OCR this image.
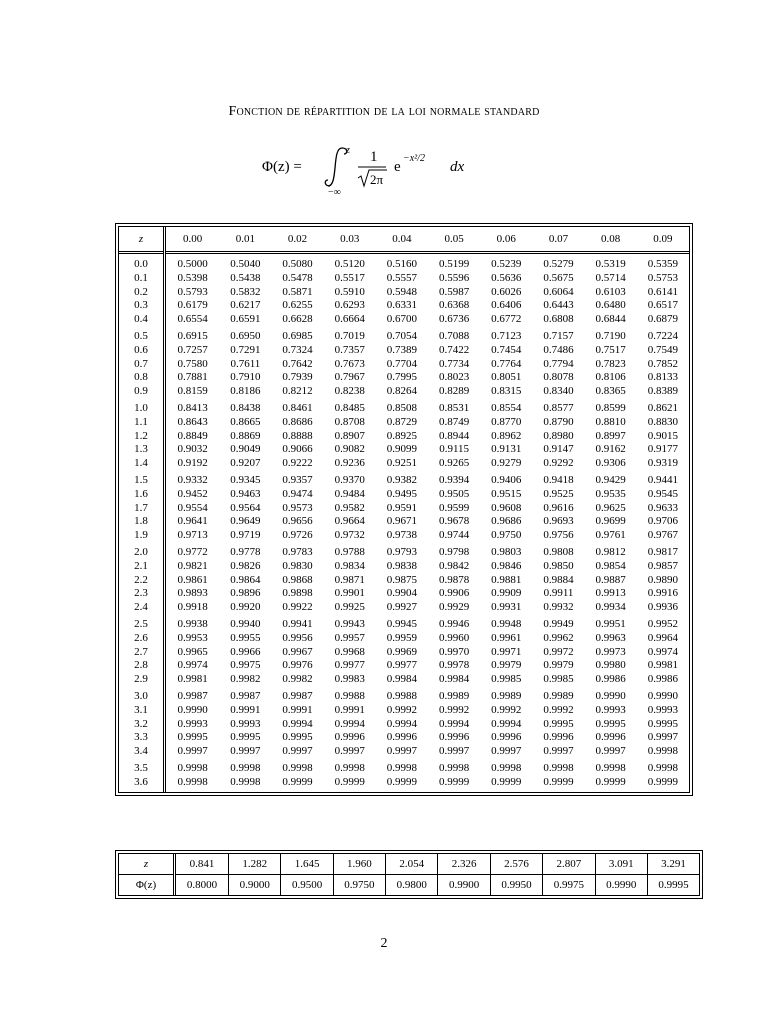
Fonction de répartition de la loi normale standard
Φ(z) =
z
−∞
1
2π
e
−x²/2
dx
z	0.00	0.01	0.02	0.03	0.04	0.05	0.06	0.07	0.08	0.09
0.0	0.5000	0.5040	0.5080	0.5120	0.5160	0.5199	0.5239	0.5279	0.5319	0.5359
0.1	0.5398	0.5438	0.5478	0.5517	0.5557	0.5596	0.5636	0.5675	0.5714	0.5753
0.2	0.5793	0.5832	0.5871	0.5910	0.5948	0.5987	0.6026	0.6064	0.6103	0.6141
0.3	0.6179	0.6217	0.6255	0.6293	0.6331	0.6368	0.6406	0.6443	0.6480	0.6517
0.4	0.6554	0.6591	0.6628	0.6664	0.6700	0.6736	0.6772	0.6808	0.6844	0.6879
0.5	0.6915	0.6950	0.6985	0.7019	0.7054	0.7088	0.7123	0.7157	0.7190	0.7224
0.6	0.7257	0.7291	0.7324	0.7357	0.7389	0.7422	0.7454	0.7486	0.7517	0.7549
0.7	0.7580	0.7611	0.7642	0.7673	0.7704	0.7734	0.7764	0.7794	0.7823	0.7852
0.8	0.7881	0.7910	0.7939	0.7967	0.7995	0.8023	0.8051	0.8078	0.8106	0.8133
0.9	0.8159	0.8186	0.8212	0.8238	0.8264	0.8289	0.8315	0.8340	0.8365	0.8389
1.0	0.8413	0.8438	0.8461	0.8485	0.8508	0.8531	0.8554	0.8577	0.8599	0.8621
1.1	0.8643	0.8665	0.8686	0.8708	0.8729	0.8749	0.8770	0.8790	0.8810	0.8830
1.2	0.8849	0.8869	0.8888	0.8907	0.8925	0.8944	0.8962	0.8980	0.8997	0.9015
1.3	0.9032	0.9049	0.9066	0.9082	0.9099	0.9115	0.9131	0.9147	0.9162	0.9177
1.4	0.9192	0.9207	0.9222	0.9236	0.9251	0.9265	0.9279	0.9292	0.9306	0.9319
1.5	0.9332	0.9345	0.9357	0.9370	0.9382	0.9394	0.9406	0.9418	0.9429	0.9441
1.6	0.9452	0.9463	0.9474	0.9484	0.9495	0.9505	0.9515	0.9525	0.9535	0.9545
1.7	0.9554	0.9564	0.9573	0.9582	0.9591	0.9599	0.9608	0.9616	0.9625	0.9633
1.8	0.9641	0.9649	0.9656	0.9664	0.9671	0.9678	0.9686	0.9693	0.9699	0.9706
1.9	0.9713	0.9719	0.9726	0.9732	0.9738	0.9744	0.9750	0.9756	0.9761	0.9767
2.0	0.9772	0.9778	0.9783	0.9788	0.9793	0.9798	0.9803	0.9808	0.9812	0.9817
2.1	0.9821	0.9826	0.9830	0.9834	0.9838	0.9842	0.9846	0.9850	0.9854	0.9857
2.2	0.9861	0.9864	0.9868	0.9871	0.9875	0.9878	0.9881	0.9884	0.9887	0.9890
2.3	0.9893	0.9896	0.9898	0.9901	0.9904	0.9906	0.9909	0.9911	0.9913	0.9916
2.4	0.9918	0.9920	0.9922	0.9925	0.9927	0.9929	0.9931	0.9932	0.9934	0.9936
2.5	0.9938	0.9940	0.9941	0.9943	0.9945	0.9946	0.9948	0.9949	0.9951	0.9952
2.6	0.9953	0.9955	0.9956	0.9957	0.9959	0.9960	0.9961	0.9962	0.9963	0.9964
2.7	0.9965	0.9966	0.9967	0.9968	0.9969	0.9970	0.9971	0.9972	0.9973	0.9974
2.8	0.9974	0.9975	0.9976	0.9977	0.9977	0.9978	0.9979	0.9979	0.9980	0.9981
2.9	0.9981	0.9982	0.9982	0.9983	0.9984	0.9984	0.9985	0.9985	0.9986	0.9986
3.0	0.9987	0.9987	0.9987	0.9988	0.9988	0.9989	0.9989	0.9989	0.9990	0.9990
3.1	0.9990	0.9991	0.9991	0.9991	0.9992	0.9992	0.9992	0.9992	0.9993	0.9993
3.2	0.9993	0.9993	0.9994	0.9994	0.9994	0.9994	0.9994	0.9995	0.9995	0.9995
3.3	0.9995	0.9995	0.9995	0.9996	0.9996	0.9996	0.9996	0.9996	0.9996	0.9997
3.4	0.9997	0.9997	0.9997	0.9997	0.9997	0.9997	0.9997	0.9997	0.9997	0.9998
3.5	0.9998	0.9998	0.9998	0.9998	0.9998	0.9998	0.9998	0.9998	0.9998	0.9998
3.6	0.9998	0.9998	0.9999	0.9999	0.9999	0.9999	0.9999	0.9999	0.9999	0.9999
z	0.841	1.282	1.645	1.960	2.054	2.326	2.576	2.807	3.091	3.291
Φ(z)	0.8000	0.9000	0.9500	0.9750	0.9800	0.9900	0.9950	0.9975	0.9990	0.9995
2
